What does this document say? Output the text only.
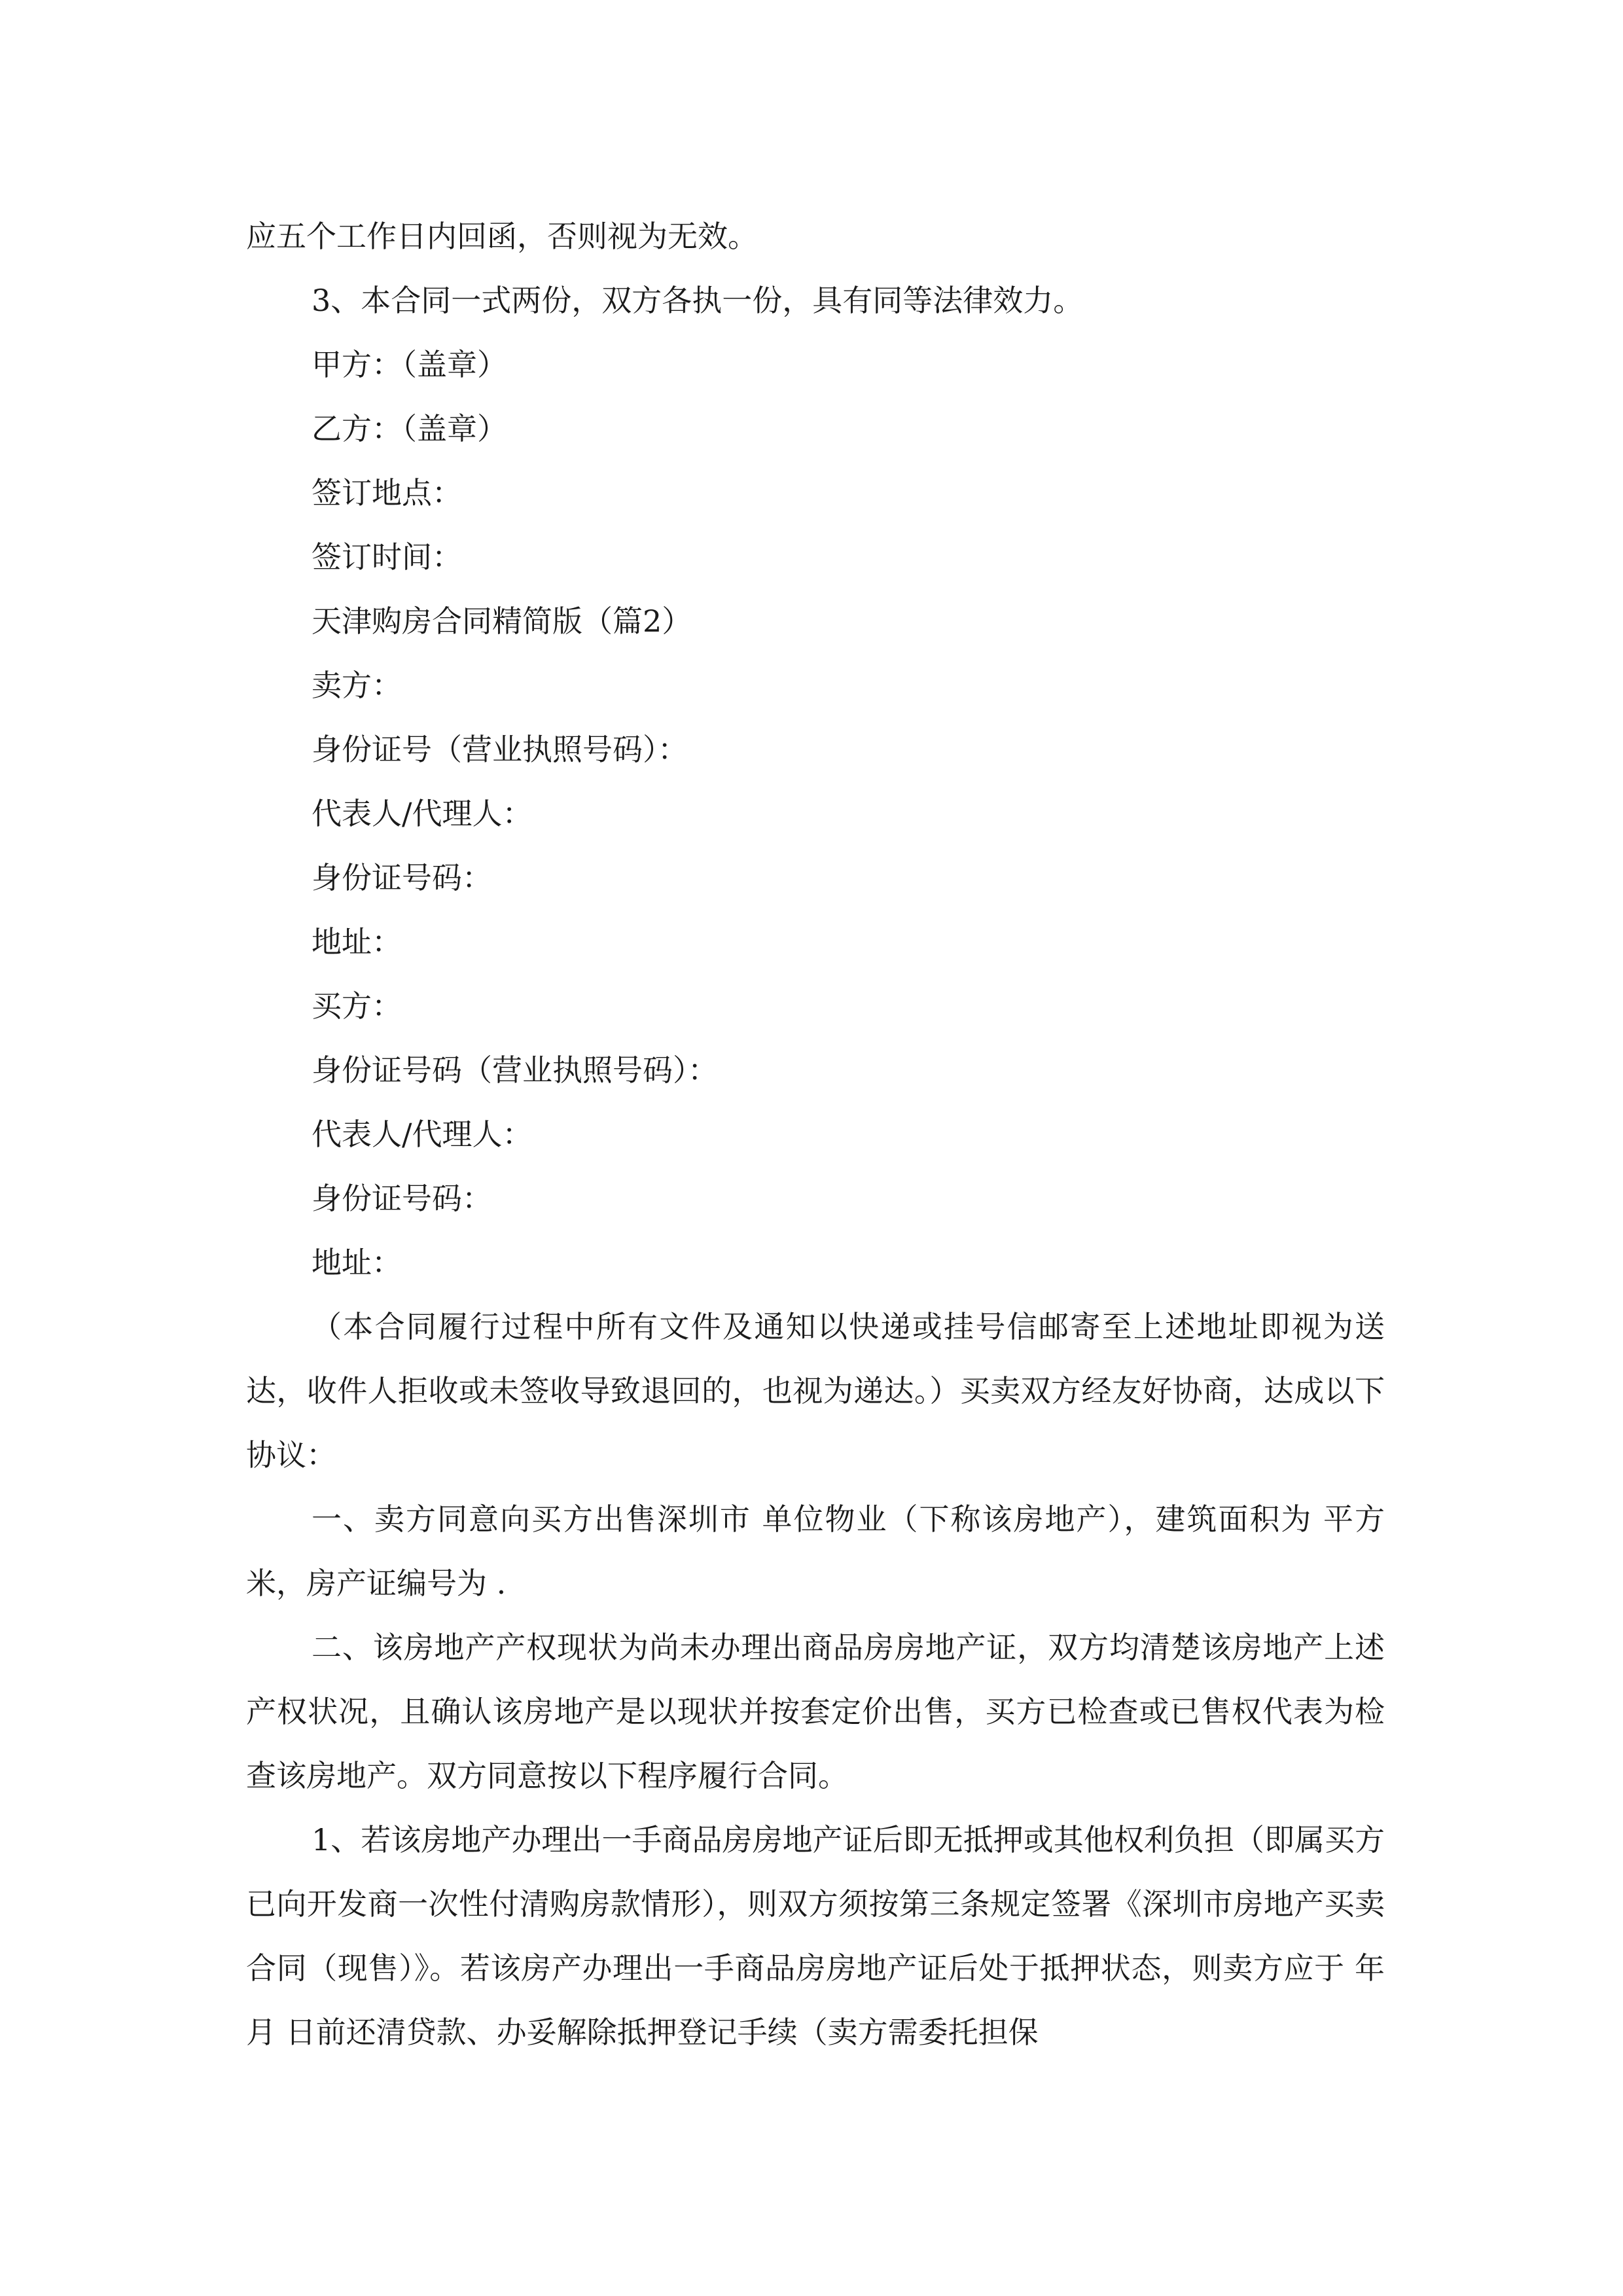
应五个工作日内回函，否则视为无效。

3、本合同一式两份，双方各执一份，具有同等法律效力。

甲方：（盖章）
乙方：（盖章）
签订地点：
签订时间：
天津购房合同精简版（篇2）
卖方：
身份证号（营业执照号码）：
代表人/代理人：
身份证号码：
地址：
买方：
身份证号码（营业执照号码）：
代表人/代理人：
身份证号码：
地址：

（本合同履行过程中所有文件及通知以快递或挂号信邮寄至上述地址即视为送达，收件人拒收或未签收导致退回的，也视为递达。）买卖双方经友好协商，达成以下协议：

一、卖方同意向买方出售深圳市 单位物业（下称该房地产），建筑面积为 平方米，房产证编号为 .

二、该房地产产权现状为尚未办理出商品房房地产证，双方均清楚该房地产上述产权状况，且确认该房地产是以现状并按套定价出售，买方已检查或已售权代表为检查该房地产。双方同意按以下程序履行合同。

1、若该房地产办理出一手商品房房地产证后即无抵押或其他权利负担（即属买方已向开发商一次性付清购房款情形），则双方须按第三条规定签署《深圳市房地产买卖合同（现售）》。若该房产办理出一手商品房房地产证后处于抵押状态，则卖方应于 年 月 日前还清贷款、办妥解除抵押登记手续（卖方需委托担保
